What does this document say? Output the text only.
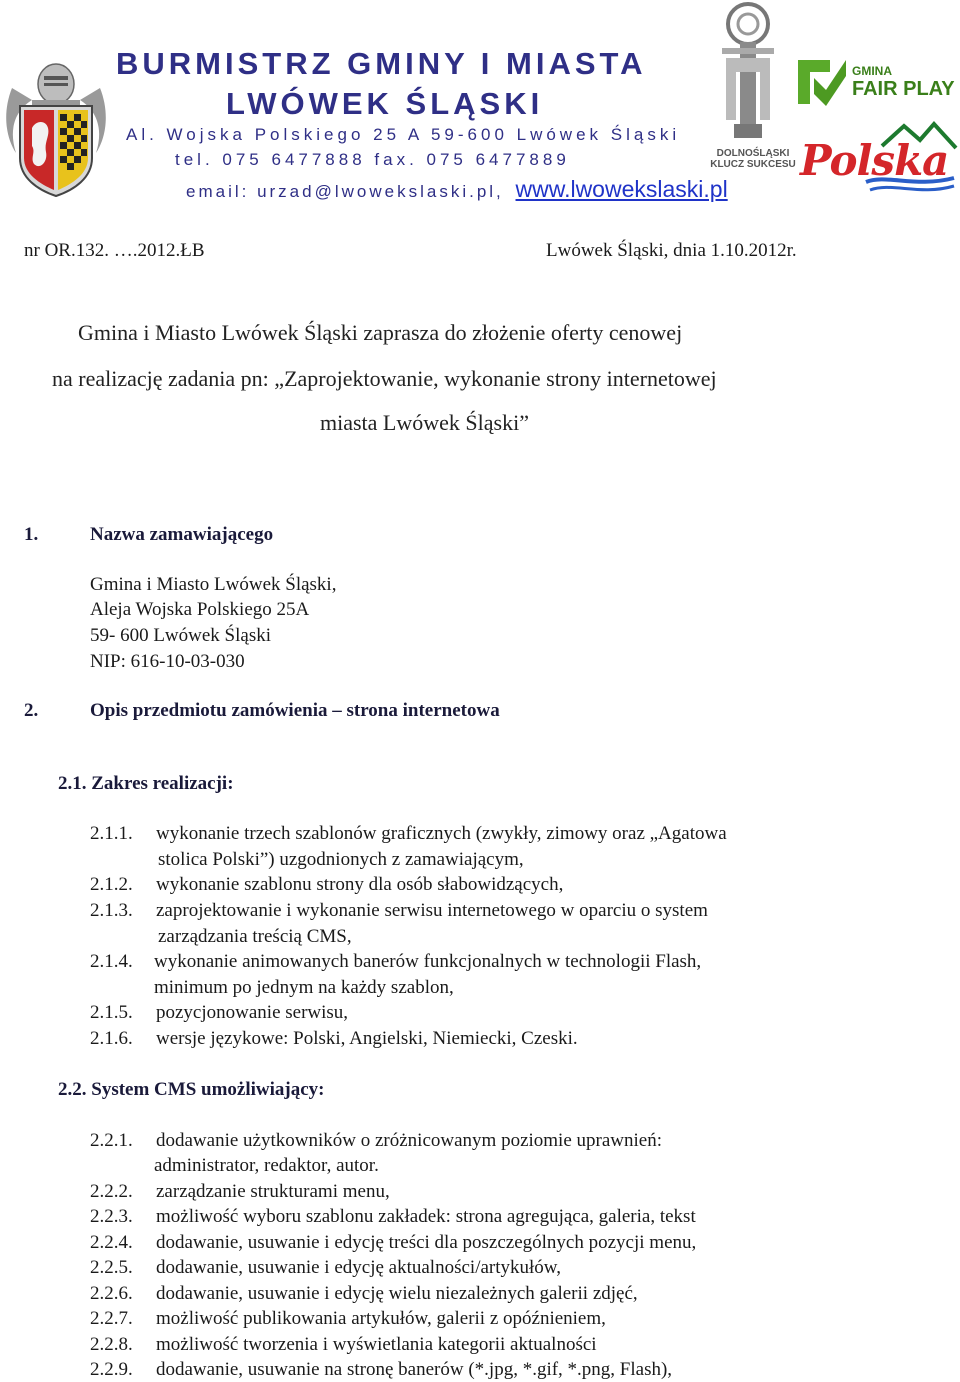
BURMISTRZ GMINY I MIASTA
LWÓWEK ŚLĄSKI
Al. Wojska Polskiego 25 A 59-600 Lwówek Śląski
tel. 075 6477888 fax. 075 6477889
email: urzad@lwowekslaski.pl, www.lwowekslaski.pl
DOLNOŚLĄSKI
KLUCZ SUKCESU
GMINA
FAIR PLAY
Polska
nr OR.132. ….2012.ŁB	Lwówek Śląski, dnia 1.10.2012r.
Gmina i Miasto Lwówek Śląski zaprasza do złożenie oferty cenowej
na realizację zadania pn: „Zaprojektowanie, wykonanie strony internetowej
miasta Lwówek Śląski”
1.	Nazwa zamawiającego
Gmina i Miasto Lwówek Śląski,
Aleja Wojska Polskiego 25A
59- 600 Lwówek Śląski
NIP: 616-10-03-030
2.	Opis przedmiotu zamówienia – strona internetowa
2.1. Zakres realizacji:
2.1.1. wykonanie trzech szablonów graficznych (zwykły, zimowy oraz „Agatowa
stolica Polski”) uzgodnionych z zamawiającym,
2.1.2. wykonanie szablonu strony dla osób słabowidzących,
2.1.3. zaprojektowanie i wykonanie serwisu internetowego w oparciu o system
zarządzania treścią CMS,
2.1.4. wykonanie animowanych banerów funkcjonalnych w technologii Flash,
minimum po jednym na każdy szablon,
2.1.5. pozycjonowanie serwisu,
2.1.6. wersje językowe: Polski, Angielski, Niemiecki, Czeski.
2.2. System CMS umożliwiający:
2.2.1. dodawanie użytkowników o zróżnicowanym poziomie uprawnień:
administrator, redaktor, autor.
2.2.2. zarządzanie strukturami menu,
2.2.3. możliwość wyboru szablonu zakładek: strona agregująca, galeria, tekst
2.2.4. dodawanie, usuwanie i edycję treści dla poszczególnych pozycji menu,
2.2.5. dodawanie, usuwanie i edycję aktualności/artykułów,
2.2.6. dodawanie, usuwanie i edycję wielu niezależnych galerii zdjęć,
2.2.7. możliwość publikowania artykułów, galerii z opóźnieniem,
2.2.8. możliwość tworzenia i wyświetlania kategorii aktualności
2.2.9. dodawanie, usuwanie na stronę banerów (*.jpg, *.gif, *.png, Flash),
